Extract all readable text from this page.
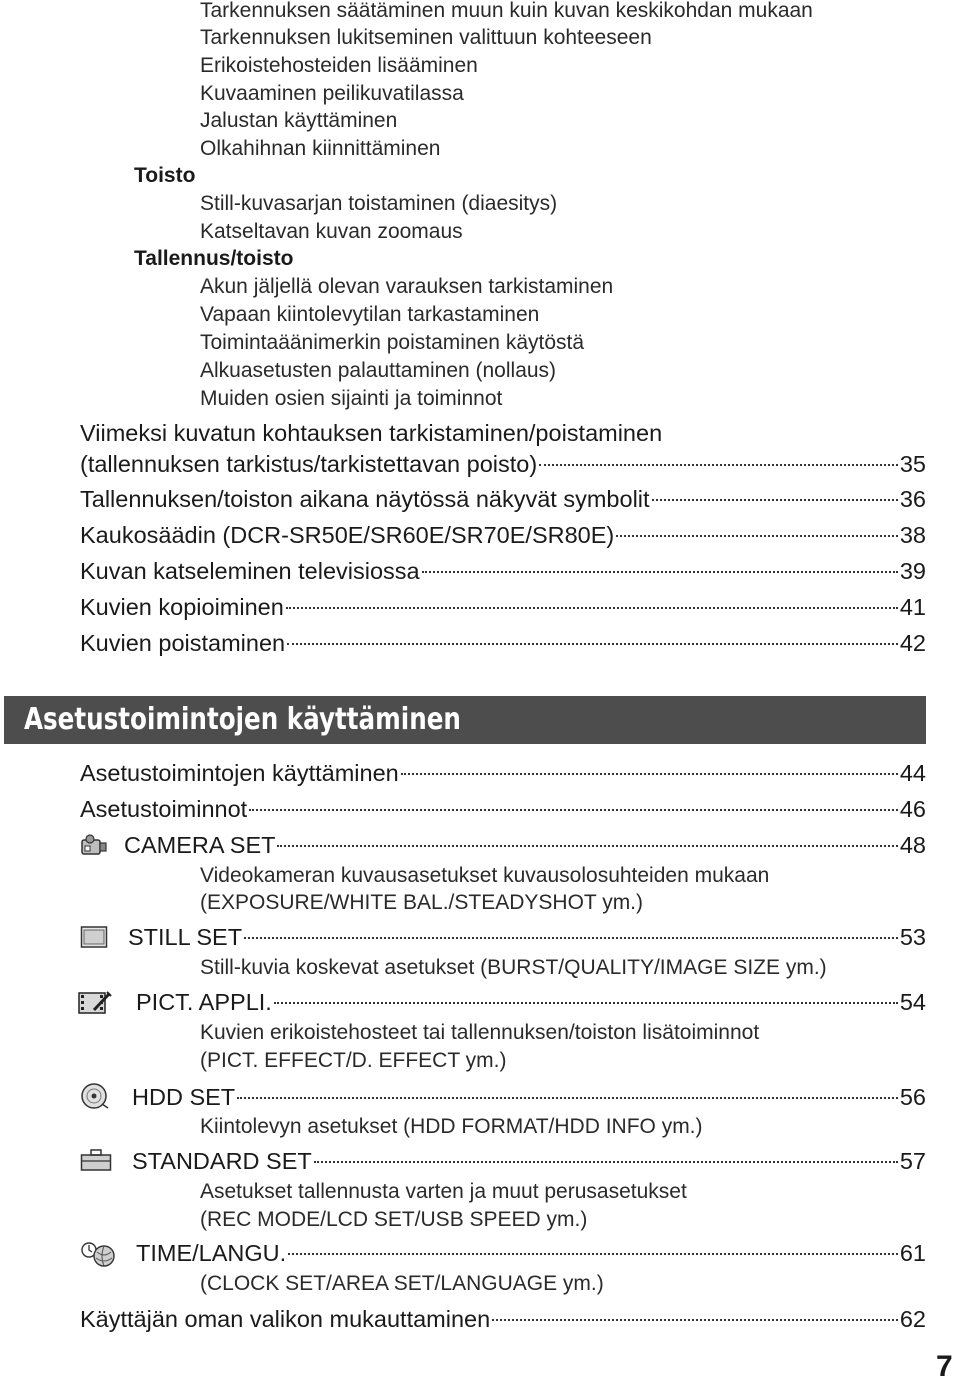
Tarkennuksen säätäminen muun kuin kuvan keskikohdan mukaan
Tarkennuksen lukitseminen valittuun kohteeseen
Erikoistehosteiden lisääminen
Kuvaaminen peilikuvatilassa
Jalustan käyttäminen
Olkahihnan kiinnittäminen
Toisto
Still-kuvasarjan toistaminen (diaesitys)
Katseltavan kuvan zoomaus
Tallennus/toisto
Akun jäljellä olevan varauksen tarkistaminen
Vapaan kiintolevytilan tarkastaminen
Toimintaäänimerkin poistaminen käytöstä
Alkuasetusten palauttaminen (nollaus)
Muiden osien sijainti ja toiminnot
Viimeksi kuvatun kohtauksen tarkistaminen/poistaminen
(tallennuksen tarkistus/tarkistettavan poisto)	35
Tallennuksen/toiston aikana näytössä näkyvät symbolit	36
Kaukosäädin (DCR-SR50E/SR60E/SR70E/SR80E)	38
Kuvan katseleminen televisiossa	39
Kuvien kopioiminen	41
Kuvien poistaminen	42
Asetustoimintojen käyttäminen
Asetustoimintojen käyttäminen	44
Asetustoiminnot	46
CAMERA SET	48
Videokameran kuvausasetukset kuvausolosuhteiden mukaan
(EXPOSURE/WHITE BAL./STEADYSHOT ym.)
STILL SET	53
Still-kuvia koskevat asetukset (BURST/QUALITY/IMAGE SIZE ym.)
PICT. APPLI.	54
Kuvien erikoistehosteet tai tallennuksen/toiston lisätoiminnot
(PICT. EFFECT/D. EFFECT ym.)
HDD SET	56
Kiintolevyn asetukset (HDD FORMAT/HDD INFO ym.)
STANDARD SET	57
Asetukset tallennusta varten ja muut perusasetukset
(REC MODE/LCD SET/USB SPEED ym.)
TIME/LANGU.	61
(CLOCK SET/AREA SET/LANGUAGE ym.)
Käyttäjän oman valikon mukauttaminen	62
7
